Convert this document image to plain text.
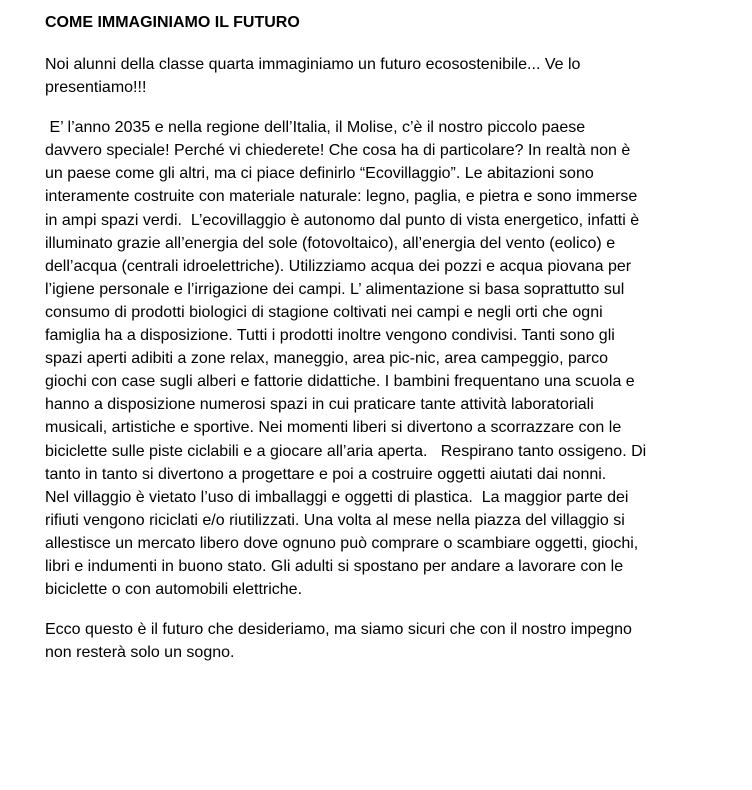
COME IMMAGINIAMO IL FUTURO
Noi alunni della classe quarta immaginiamo un futuro ecosostenibile... Ve lo
presentiamo!!!
E’ l’anno 2035 e nella regione dell’Italia, il Molise, c’è il nostro piccolo paese
davvero speciale! Perché vi chiederete! Che cosa ha di particolare? In realtà non è
un paese come gli altri, ma ci piace definirlo “Ecovillaggio”. Le abitazioni sono
interamente costruite con materiale naturale: legno, paglia, e pietra e sono immerse
in ampi spazi verdi.  L’ecovillaggio è autonomo dal punto di vista energetico, infatti è
illuminato grazie all’energia del sole (fotovoltaico), all’energia del vento (eolico) e
dell’acqua (centrali idroelettriche). Utilizziamo acqua dei pozzi e acqua piovana per
l’igiene personale e l’irrigazione dei campi. L’ alimentazione si basa soprattutto sul
consumo di prodotti biologici di stagione coltivati nei campi e negli orti che ogni
famiglia ha a disposizione. Tutti i prodotti inoltre vengono condivisi. Tanti sono gli
spazi aperti adibiti a zone relax, maneggio, area pic-nic, area campeggio, parco
giochi con case sugli alberi e fattorie didattiche. I bambini frequentano una scuola e
hanno a disposizione numerosi spazi in cui praticare tante attività laboratoriali
musicali, artistiche e sportive. Nei momenti liberi si divertono a scorrazzare con le
biciclette sulle piste ciclabili e a giocare all’aria aperta.   Respirano tanto ossigeno. Di
tanto in tanto si divertono a progettare e poi a costruire oggetti aiutati dai nonni.
Nel villaggio è vietato l’uso di imballaggi e oggetti di plastica.  La maggior parte dei
rifiuti vengono riciclati e/o riutilizzati. Una volta al mese nella piazza del villaggio si
allestisce un mercato libero dove ognuno può comprare o scambiare oggetti, giochi,
libri e indumenti in buono stato. Gli adulti si spostano per andare a lavorare con le
biciclette o con automobili elettriche.
Ecco questo è il futuro che desideriamo, ma siamo sicuri che con il nostro impegno
non resterà solo un sogno.
